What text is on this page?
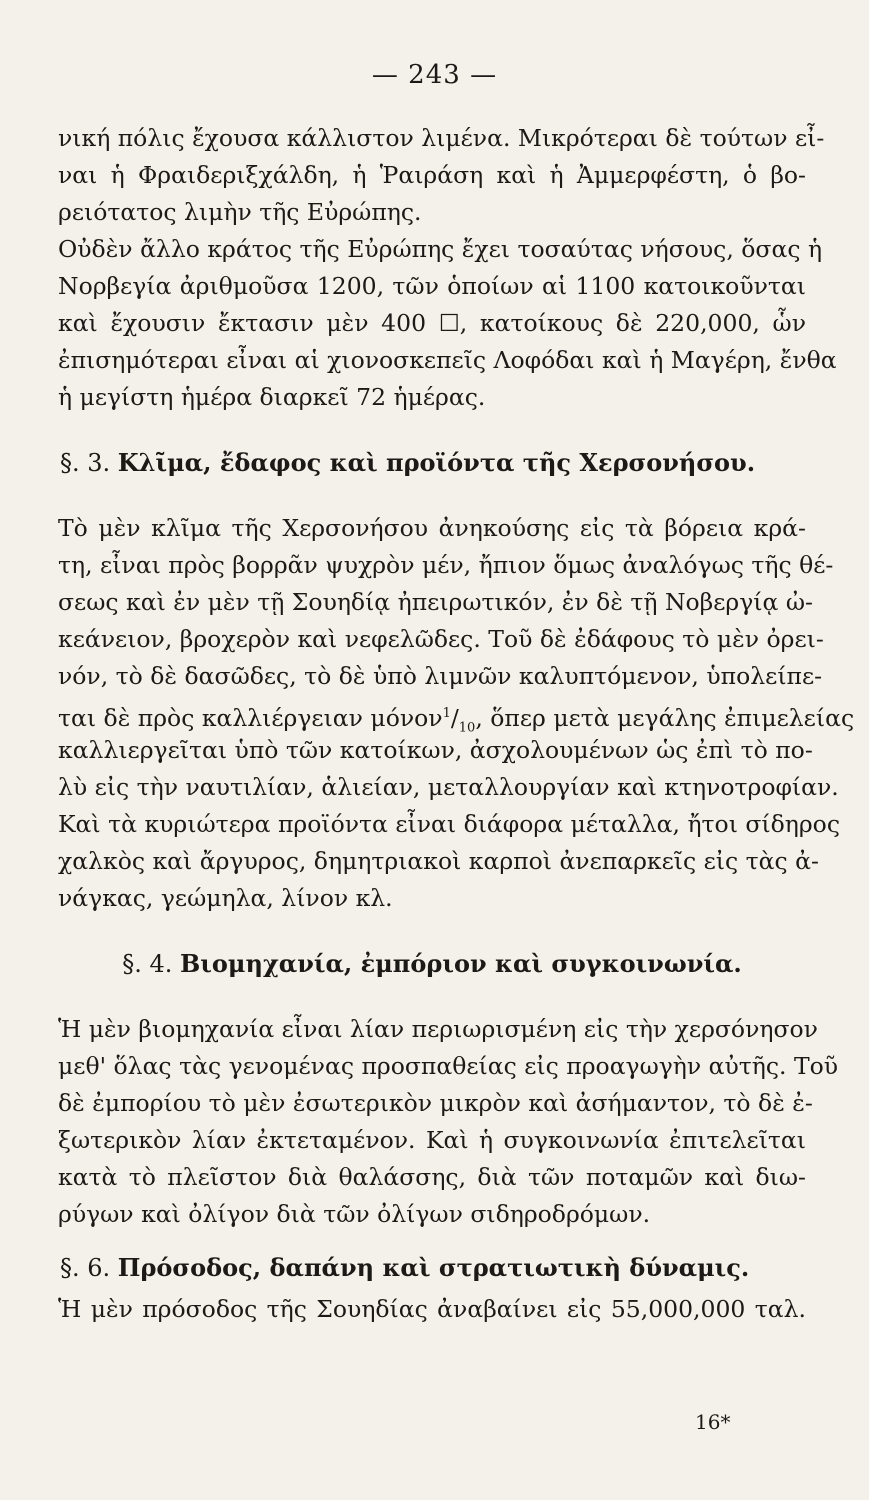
— 243 —
νική πόλις ἔχουσα κάλλιστον λιμένα. Μικρότεραι δὲ τούτων εἶ-
ναι ἡ Φραιδεριξχάλδη, ἡ Ῥαιράση καὶ ἡ Ἀμμερφέστη, ὁ βο-
ρειότατος λιμὴν τῆς Εὐρώπης.
Οὐδὲν ἄλλο κράτος τῆς Εὐρώπης ἔχει τοσαύτας νήσους, ὅσας ἡ
Νορβεγία ἀριθμοῦσα 1200, τῶν ὁποίων αἱ 1100 κατοικοῦνται
καὶ ἔχουσιν ἔκτασιν μὲν 400 ☐, κατοίκους δὲ 220,000, ὧν
ἐπισημότεραι εἶναι αἱ χιονοσκεπεῖς Λοφόδαι καὶ ἡ Μαγέρη, ἔνθα
ἡ μεγίστη ἡμέρα διαρκεῖ 72 ἡμέρας.
§. 3. Κλῖμα, ἔδαφος καὶ προϊόντα τῆς Χερσονήσου.
Τὸ μὲν κλῖμα τῆς Χερσονήσου ἀνηκούσης εἰς τὰ βόρεια κρά-
τη, εἶναι πρὸς βορρᾶν ψυχρὸν μέν, ἤπιον ὅμως ἀναλόγως τῆς θέ-
σεως καὶ ἐν μὲν τῇ Σουηδίᾳ ἠπειρωτικόν, ἐν δὲ τῇ Νοβεργίᾳ ὠ-
κεάνειον, βροχερὸν καὶ νεφελῶδες. Τοῦ δὲ ἐδάφους τὸ μὲν ὀρει-
νόν, τὸ δὲ δασῶδες, τὸ δὲ ὑπὸ λιμνῶν καλυπτόμενον, ὑπολείπε-
ται δὲ πρὸς καλλιέργειαν $\mu ό\nu o\nu^1/_{10}$, ὅπερ μετὰ μεγάλης ἐπιμελείας
καλλιεργεῖται ὑπὸ τῶν κατοίκων, ἀσχολουμένων ὡς ἐπὶ τὸ πο-
λὺ εἰς τὴν ναυτιλίαν, ἁλιείαν, μεταλλουργίαν καὶ κτηνοτροφίαν.
Καὶ τὰ κυριώτερα προϊόντα εἶναι διάφορα μέταλλα, ἤτοι σίδηρος
χαλκὸς καὶ ἄργυρος, δημητριακοὶ καρποὶ ἀνεπαρκεῖς εἰς τὰς ἀ-
νάγκας, γεώμηλα, λίνον κλ.
§. 4. Βιομηχανία, ἐμπόριον καὶ συγκοινωνία.
Ἡ μὲν βιομηχανία εἶναι λίαν περιωρισμένη εἰς τὴν χερσόνησον
μεθ' ὅλας τὰς γενομένας προσπαθείας εἰς προαγωγὴν αὐτῆς. Τοῦ
δὲ ἐμπορίου τὸ μὲν ἐσωτερικὸν μικρὸν καὶ ἀσήμαντον, τὸ δὲ ἐ-
ξωτερικὸν λίαν ἐκτεταμένον. Καὶ ἡ συγκοινωνία ἐπιτελεῖται
κατὰ τὸ πλεῖστον διὰ θαλάσσης, διὰ τῶν ποταμῶν καὶ διω-
ρύγων καὶ ὀλίγον διὰ τῶν ὀλίγων σιδηροδρόμων.
§. 6. Πρόσοδος, δαπάνη καὶ στρατιωτικὴ δύναμις.
Ἡ μὲν πρόσοδος τῆς Σουηδίας ἀναβαίνει εἰς 55,000,000 ταλ.
16*
